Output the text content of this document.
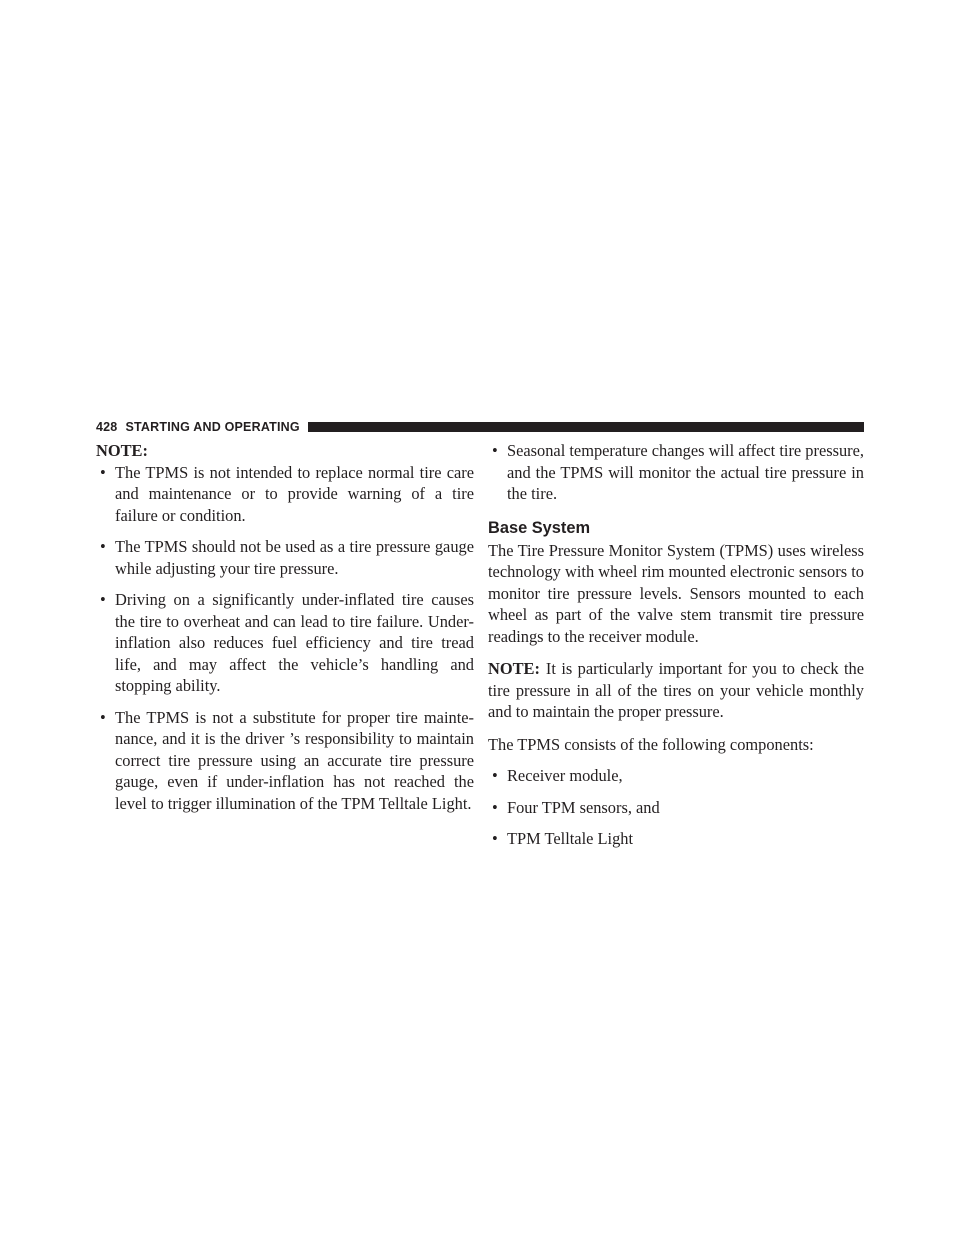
428 STARTING AND OPERATING
NOTE:
• The TPMS is not intended to replace normal tire care and maintenance or to provide warning of a tire failure or condition.
• The TPMS should not be used as a tire pressure gauge while adjusting your tire pressure.
• Driving on a significantly under-inflated tire causes the tire to overheat and can lead to tire failure. Under-inflation also reduces fuel efficiency and tire tread life, and may affect the vehicle’s handling and stopping ability.
• The TPMS is not a substitute for proper tire mainte-nance, and it is the driver ’s responsibility to maintain correct tire pressure using an accurate tire pressure gauge, even if under-inflation has not reached the level to trigger illumination of the TPM Telltale Light.
• Seasonal temperature changes will affect tire pressure, and the TPMS will monitor the actual tire pressure in the tire.
Base System

The Tire Pressure Monitor System (TPMS) uses wireless technology with wheel rim mounted electronic sensors to monitor tire pressure levels. Sensors mounted to each wheel as part of the valve stem transmit tire pressure readings to the receiver module.

NOTE: It is particularly important for you to check the tire pressure in all of the tires on your vehicle monthly and to maintain the proper pressure.

The TPMS consists of the following components:

• Receiver module,
• Four TPM sensors, and
• TPM Telltale Light
